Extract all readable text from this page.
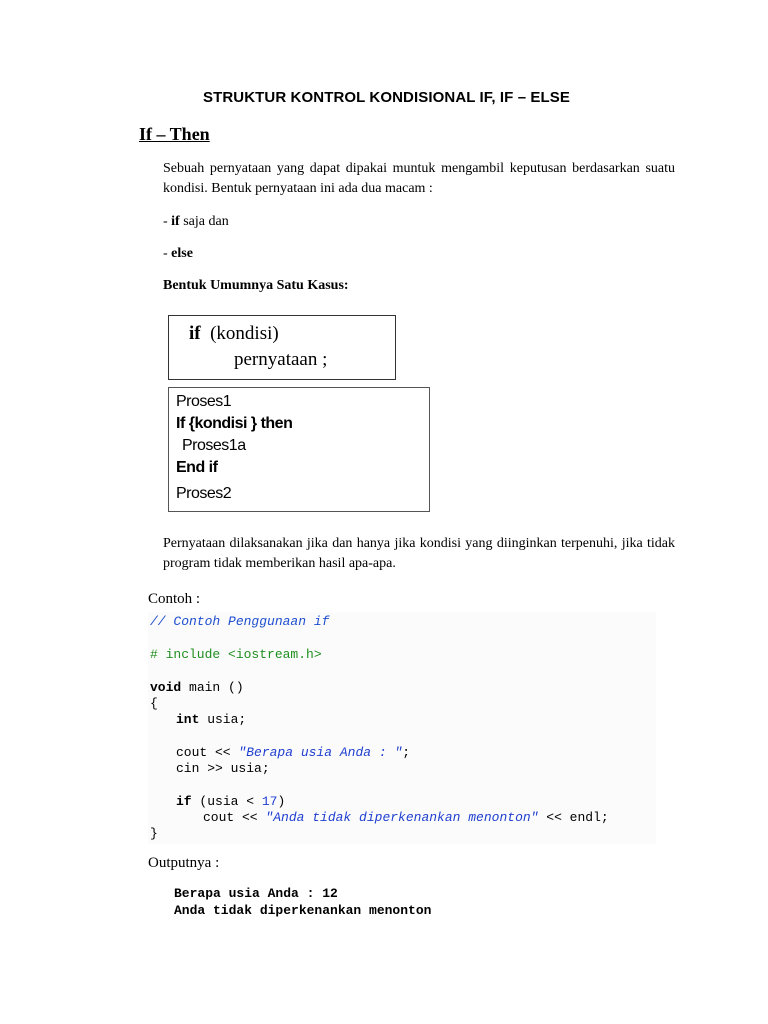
STRUKTUR KONTROL KONDISIONAL IF, IF – ELSE
If – Then
Sebuah pernyataan yang dapat dipakai muntuk mengambil keputusan berdasarkan suatu kondisi. Bentuk pernyataan ini ada dua macam :
- if saja dan
- else
Bentuk Umumnya Satu Kasus:
if  (kondisi)
pernyataan ;
Proses1
If {kondisi } then
Proses1a
End if
Proses2
Pernyataan dilaksanakan jika dan hanya jika kondisi yang diinginkan terpenuhi, jika tidak program tidak memberikan hasil apa-apa.
Contoh :
// Contoh Penggunaan if
# include <iostream.h>
void main ()
{
int usia;
cout << "Berapa usia Anda : ";
cin >> usia;
if (usia < 17)
cout << "Anda tidak diperkenankan menonton" << endl;
}
Outputnya :
Berapa usia Anda : 12
Anda tidak diperkenankan menonton
